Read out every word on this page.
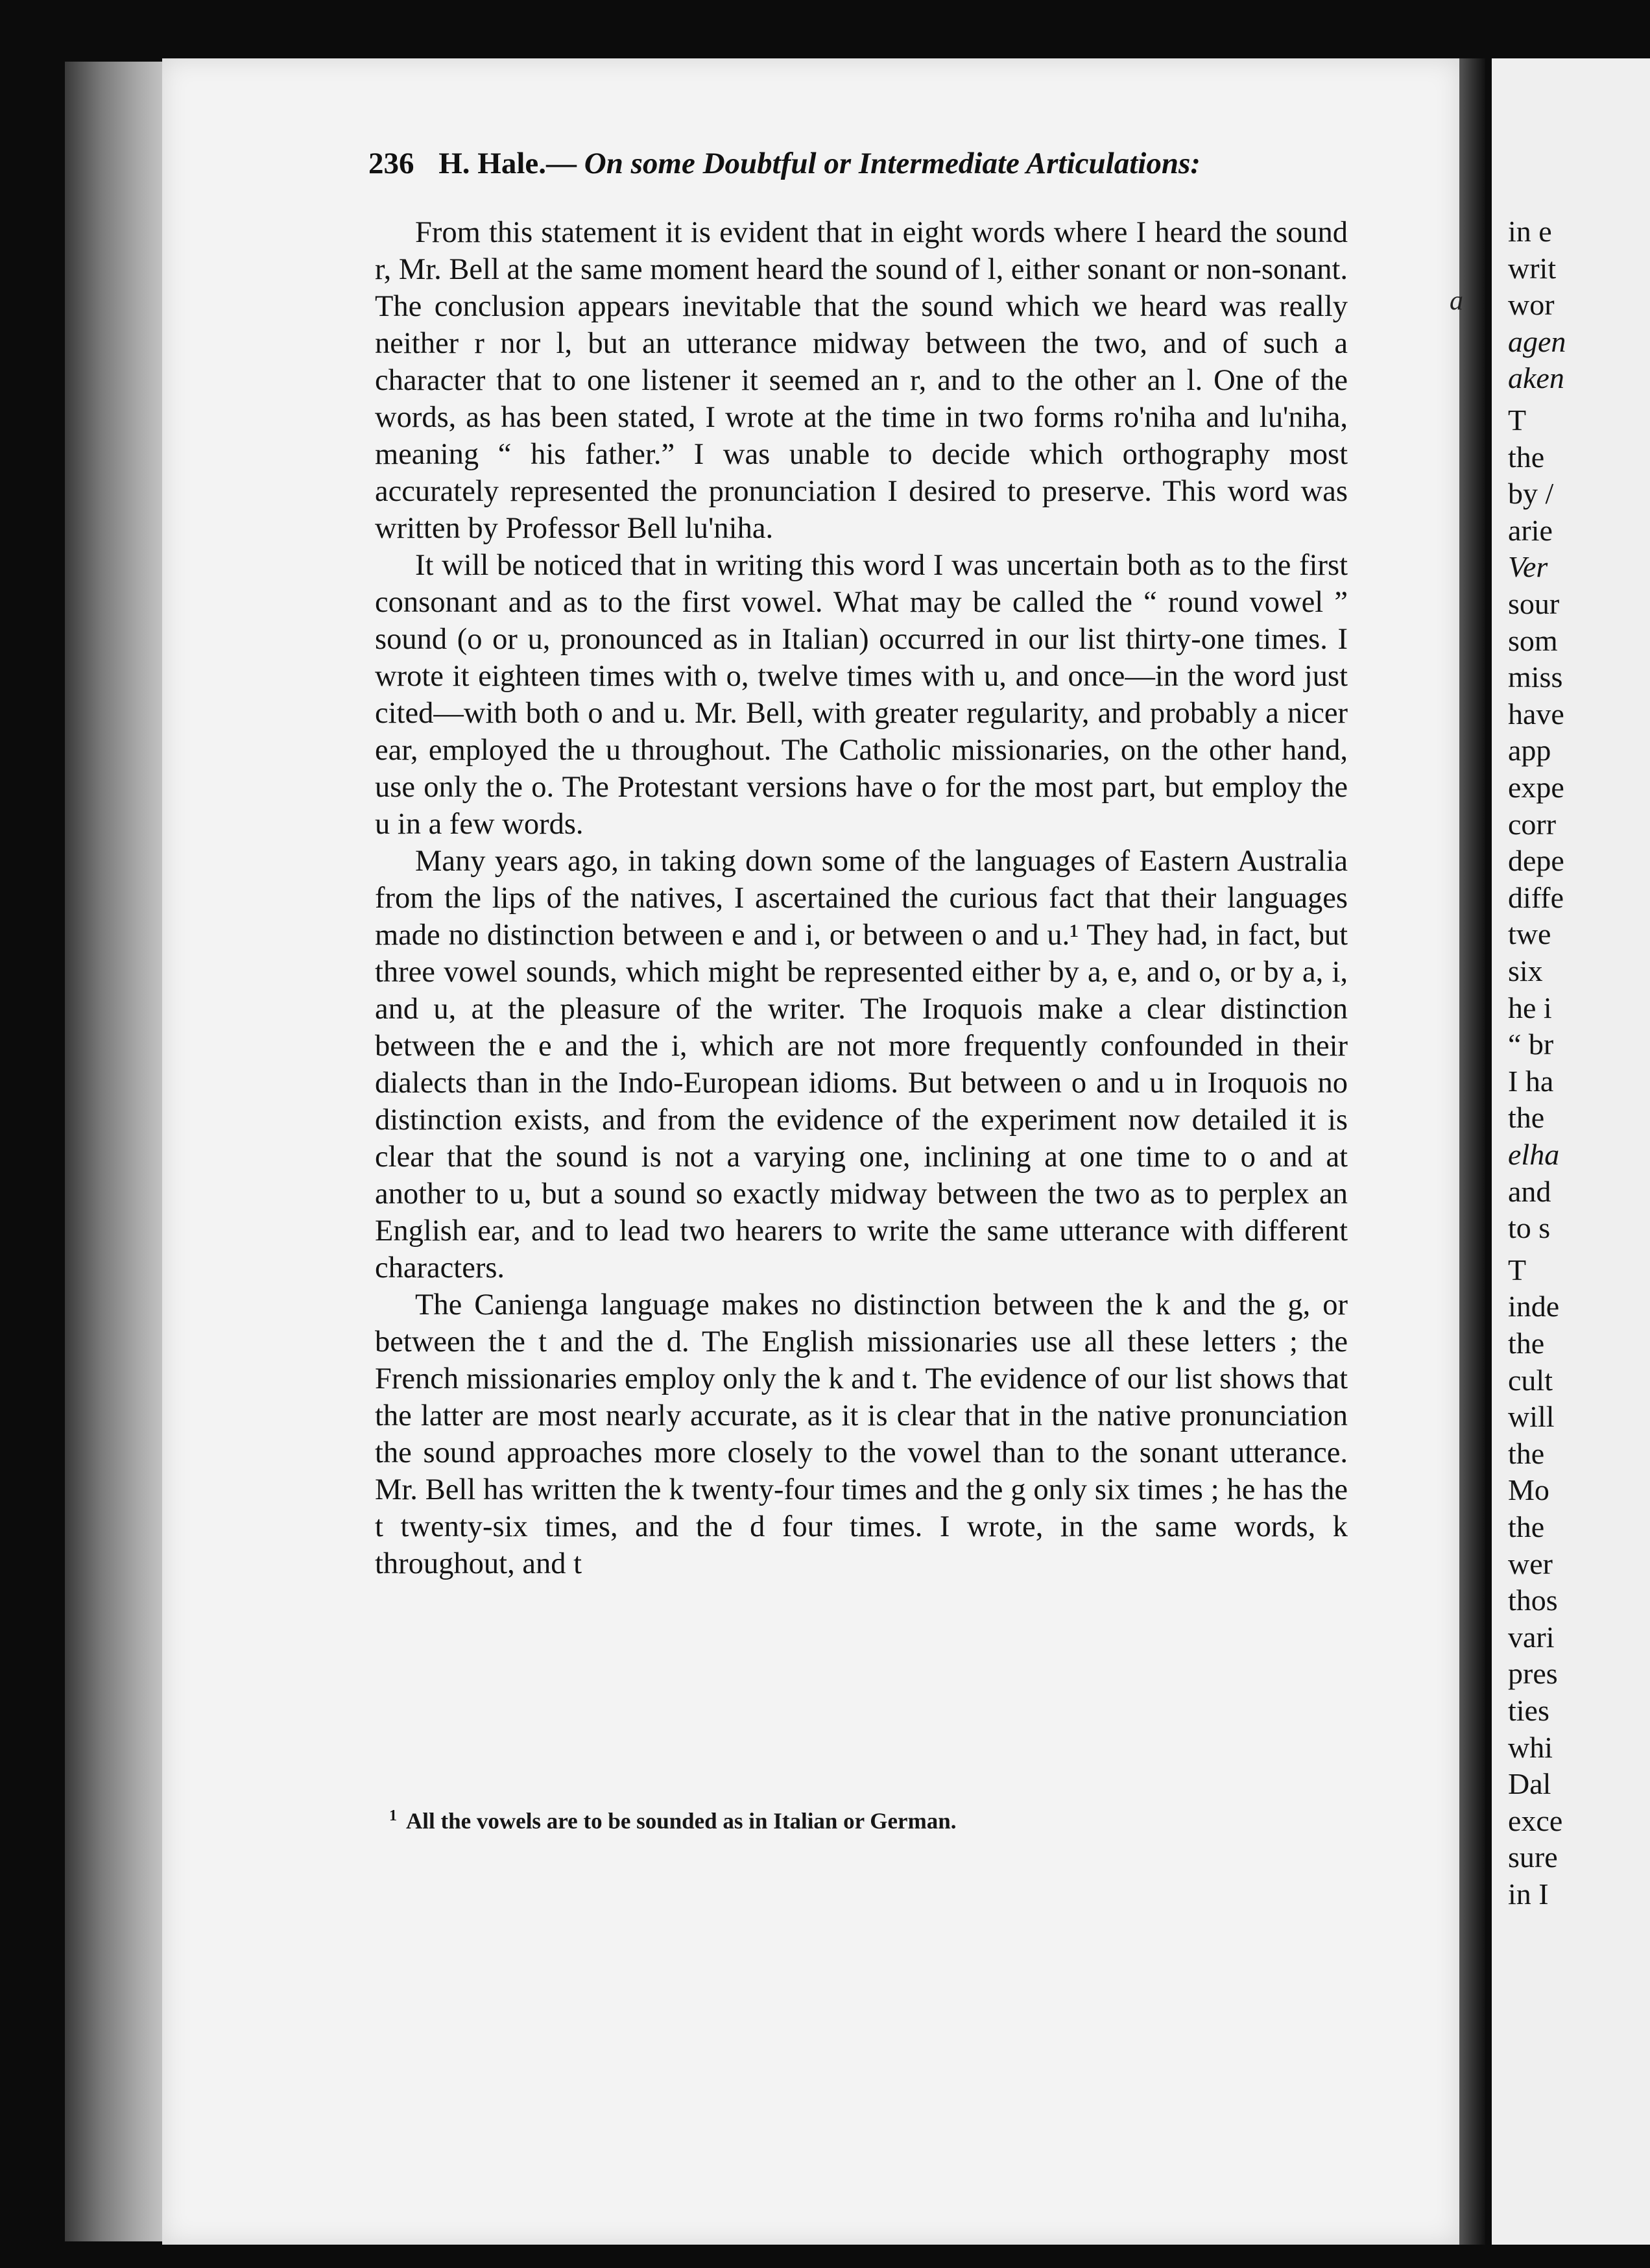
236 H. Hale.— On some Doubtful or Intermediate Articulations:

From this statement it is evident that in eight words where I heard the sound r, Mr. Bell at the same moment heard the sound of l, either sonant or non-sonant. The conclusion appears inevitable that the sound which we heard was really neither r nor l, but an utterance midway between the two, and of such a character that to one listener it seemed an r, and to the other an l. One of the words, as has been stated, I wrote at the time in two forms ro'niha and lu'niha, meaning “ his father.” I was unable to decide which orthography most accurately represented the pronunciation I desired to preserve. This word was written by Professor Bell lu'niha.

It will be noticed that in writing this word I was uncertain both as to the first consonant and as to the first vowel. What may be called the “ round vowel ” sound (o or u, pronounced as in Italian) occurred in our list thirty-one times. I wrote it eighteen times with o, twelve times with u, and once—in the word just cited—with both o and u. Mr. Bell, with greater regularity, and probably a nicer ear, employed the u throughout. The Catholic missionaries, on the other hand, use only the o. The Protestant versions have o for the most part, but employ the u in a few words.

Many years ago, in taking down some of the languages of Eastern Australia from the lips of the natives, I ascertained the curious fact that their languages made no distinction between e and i, or between o and u.¹ They had, in fact, but three vowel sounds, which might be represented either by a, e, and o, or by a, i, and u, at the pleasure of the writer. The Iroquois make a clear distinction between the e and the i, which are not more frequently confounded in their dialects than in the Indo-European idioms. But between o and u in Iroquois no distinction exists, and from the evidence of the experiment now detailed it is clear that the sound is not a varying one, inclining at one time to o and at another to u, but a sound so exactly midway between the two as to perplex an English ear, and to lead two hearers to write the same utterance with different characters.

The Canienga language makes no distinction between the k and the g, or between the t and the d. The English missionaries use all these letters ; the French missionaries employ only the k and t. The evidence of our list shows that the latter are most nearly accurate, as it is clear that in the native pronunciation the sound approaches more closely to the vowel than to the sonant utterance. Mr. Bell has written the k twenty-four times and the g only six times ; he has the t twenty-six times, and the d four times. I wrote, in the same words, k throughout, and t

$^1$ All the vowels are to be sounded as in Italian or German.
a
in e
writ
wor
agen
aken
T
the
by /
arie
Ver
sour
som
miss
have
app
expe
corr
depe
diffe
twe
six
he i
“ br
I ha
the
elha
and
to s
T
inde
the
cult
will
the
Mo
the
wer
thos
vari
pres
ties
whi
Dal
exce
sure
in I
